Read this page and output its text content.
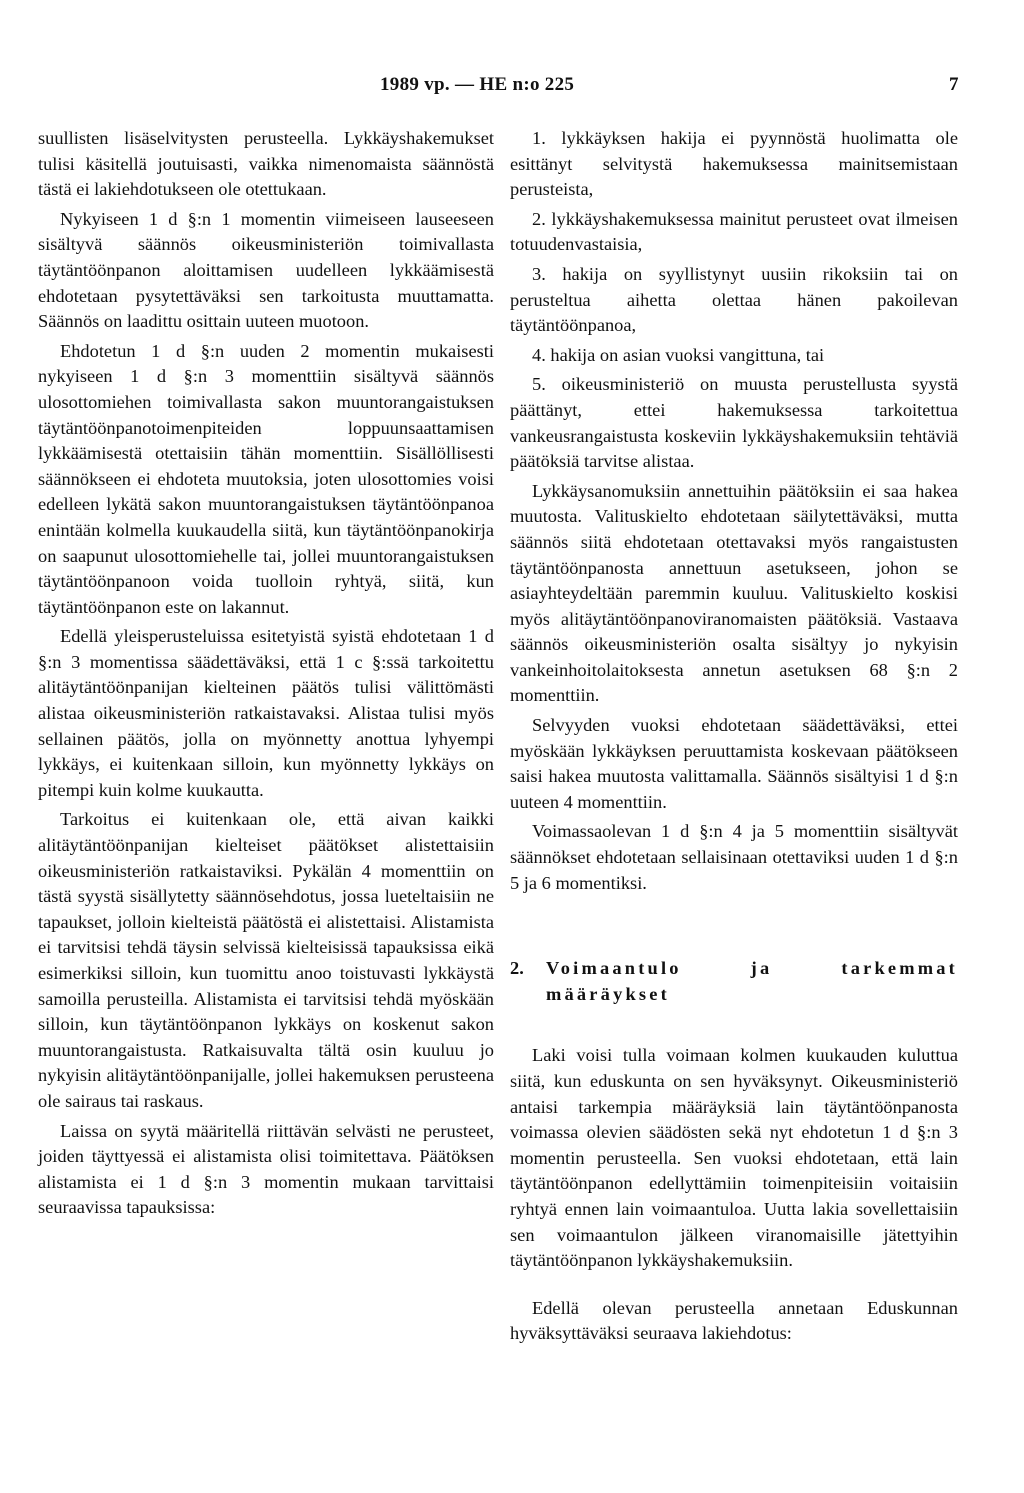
1989 vp. — HE n:o 225	7

suullisten lisäselvitysten perusteella. Lykkäyshakemukset tulisi käsitellä joutuisasti, vaikka nimenomaista säännöstä tästä ei lakiehdotukseen ole otettukaan.

Nykyiseen 1 d §:n 1 momentin viimeiseen lauseeseen sisältyvä säännös oikeusministeriön toimivallasta täytäntöönpanon aloittamisen uudelleen lykkäämisestä ehdotetaan pysytettäväksi sen tarkoitusta muuttamatta. Säännös on laadittu osittain uuteen muotoon.

Ehdotetun 1 d §:n uuden 2 momentin mukaisesti nykyiseen 1 d §:n 3 momenttiin sisältyvä säännös ulosottomiehen toimivallasta sakon muuntorangaistuksen täytäntöönpanotoimenpiteiden loppuunsaattamisen lykkäämisestä otettaisiin tähän momenttiin. Sisällöllisesti säännökseen ei ehdoteta muutoksia, joten ulosottomies voisi edelleen lykätä sakon muuntorangaistuksen täytäntöönpanoa enintään kolmella kuukaudella siitä, kun täytäntöönpanokirja on saapunut ulosottomiehelle tai, jollei muuntorangaistuksen täytäntöönpanoon voida tuolloin ryhtyä, siitä, kun täytäntöönpanon este on lakannut.

Edellä yleisperusteluissa esitetyistä syistä ehdotetaan 1 d §:n 3 momentissa säädettäväksi, että 1 c §:ssä tarkoitettu alitäytäntöönpanijan kielteinen päätös tulisi välittömästi alistaa oikeusministeriön ratkaistavaksi. Alistaa tulisi myös sellainen päätös, jolla on myönnetty anottua lyhyempi lykkäys, ei kuitenkaan silloin, kun myönnetty lykkäys on pitempi kuin kolme kuukautta.

Tarkoitus ei kuitenkaan ole, että aivan kaikki alitäytäntöönpanijan kielteiset päätökset alistettaisiin oikeusministeriön ratkaistaviksi. Pykälän 4 momenttiin on tästä syystä sisällytetty säännösehdotus, jossa lueteltaisiin ne tapaukset, jolloin kielteistä päätöstä ei alistettaisi. Alistamista ei tarvitsisi tehdä täysin selvissä kielteisissä tapauksissa eikä esimerkiksi silloin, kun tuomittu anoo toistuvasti lykkäystä samoilla perusteilla. Alistamista ei tarvitsisi tehdä myöskään silloin, kun täytäntöönpanon lykkäys on koskenut sakon muuntorangaistusta. Ratkaisuvalta tältä osin kuuluu jo nykyisin alitäytäntöönpanijalle, jollei hakemuksen perusteena ole sairaus tai raskaus.

Laissa on syytä määritellä riittävän selvästi ne perusteet, joiden täyttyessä ei alistamista olisi toimitettava. Päätöksen alistamista ei 1 d §:n 3 momentin mukaan tarvittaisi seuraavissa tapauksissa:

1. lykkäyksen hakija ei pyynnöstä huolimatta ole esittänyt selvitystä hakemuksessa mainitsemistaan perusteista,
2. lykkäyshakemuksessa mainitut perusteet ovat ilmeisen totuudenvastaisia,
3. hakija on syyllistynyt uusiin rikoksiin tai on perusteltua aihetta olettaa hänen pakoilevan täytäntöönpanoa,
4. hakija on asian vuoksi vangittuna, tai
5. oikeusministeriö on muusta perustellusta syystä päättänyt, ettei hakemuksessa tarkoitettua vankeusrangaistusta koskeviin lykkäyshakemuksiin tehtäviä päätöksiä tarvitse alistaa.

Lykkäysanomuksiin annettuihin päätöksiin ei saa hakea muutosta. Valituskielto ehdotetaan säilytettäväksi, mutta säännös siitä ehdotetaan otettavaksi myös rangaistusten täytäntöönpanosta annettuun asetukseen, johon se asiayhteydeltään paremmin kuuluu. Valituskielto koskisi myös alitäytäntöönpanoviranomaisten päätöksiä. Vastaava säännös oikeusministeriön osalta sisältyy jo nykyisin vankeinhoitolaitoksesta annetun asetuksen 68 §:n 2 momenttiin.

Selvyyden vuoksi ehdotetaan säädettäväksi, ettei myöskään lykkäyksen peruuttamista koskevaan päätökseen saisi hakea muutosta valittamalla. Säännös sisältyisi 1 d §:n uuteen 4 momenttiin.

Voimassaolevan 1 d §:n 4 ja 5 momenttiin sisältyvät säännökset ehdotetaan sellaisinaan otettaviksi uuden 1 d §:n 5 ja 6 momentiksi.

2.	Voimaantulo ja tarkemmat määräykset

Laki voisi tulla voimaan kolmen kuukauden kuluttua siitä, kun eduskunta on sen hyväksynyt. Oikeusministeriö antaisi tarkempia määräyksiä lain täytäntöönpanosta voimassa olevien säädösten sekä nyt ehdotetun 1 d §:n 3 momentin perusteella. Sen vuoksi ehdotetaan, että lain täytäntöönpanon edellyttämiin toimenpiteisiin voitaisiin ryhtyä ennen lain voimaantuloa. Uutta lakia sovellettaisiin sen voimaantulon jälkeen viranomaisille jätettyihin täytäntöönpanon lykkäyshakemuksiin.

Edellä olevan perusteella annetaan Eduskunnan hyväksyttäväksi seuraava lakiehdotus:
